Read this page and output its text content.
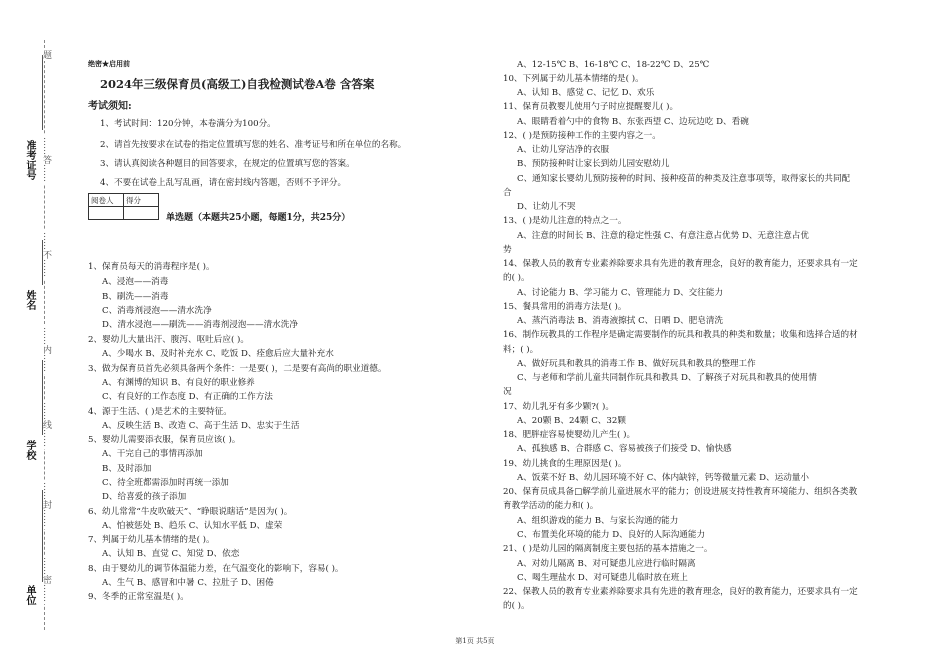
题
……答……
……不……
……内……
……线……
……封……
……密……
准考证号
姓名
学校
单位
绝密★启用前
2024年三级保育员(高级工)自我检测试卷A卷 含答案
考试须知:
1、考试时间：120分钟，本卷满分为100分。
2、请首先按要求在试卷的指定位置填写您的姓名、准考证号和所在单位的名称。
3、请认真阅读各种题目的回答要求，在规定的位置填写您的答案。
4、不要在试卷上乱写乱画，请在密封线内答题，否则不予评分。
阅卷人	得分

单选题（本题共25小题，每题1分，共25分）
1、保育员每天的消毒程序是( )。
A、浸泡——消毒
B、刷洗——消毒
C、消毒剂浸泡——清水洗净
D、清水浸泡——刷洗——消毒剂浸泡——清水洗净
2、婴幼儿大量出汗、腹泻、呕吐后应( )。
A、少喝水 B、及时补充水 C、吃饭 D、痊愈后应大量补充水
3、做为保育员首先必须具备两个条件：一是要( )，二是要有高尚的职业道德。
A、有渊博的知识 B、有良好的职业修养
C、有良好的工作态度 D、有正确的工作方法
4、源于生活、( )是艺术的主要特征。
A、反映生活 B、改造 C、高于生活 D、忠实于生活
5、婴幼儿需要添衣服，保育员应该( )。
A、干完自己的事情再添加
B、及时添加
C、待全班都需添加时再统一添加
D、给喜爱的孩子添加
6、幼儿常常“牛皮吹破天”、“睁眼说瞎话”是因为( )。
A、怕被惩处 B、趋乐 C、认知水平低 D、虚荣
7、判属于幼儿基本情绪的是( )。
A、认知 B、直觉 C、知觉 D、依恋
8、由于婴幼儿的调节体温能力差，在气温变化的影响下，容易( )。
A、生气 B、感冒和中暑 C、拉肚子 D、困倦
9、冬季的正常室温是( )。
A、12-15℃ B、16-18℃ C、18-22℃ D、25℃
10、下列属于幼儿基本情绪的是( )。
A、认知 B、感觉 C、记忆 D、欢乐
11、保育员教婴儿使用勺子时应提醒婴儿( )。
A、眼睛看着勺中的食物 B、东张西望 C、边玩边吃 D、看碗
12、( )是预防接种工作的主要内容之一。
A、让幼儿穿洁净的衣服
B、预防接种时让家长到幼儿园安慰幼儿
C、通知家长婴幼儿预防接种的时间、接种疫苗的种类及注意事项等，取得家长的共同配
合
D、让幼儿不哭
13、( )是幼儿注意的特点之一。
A、注意的时间长 B、注意的稳定性强 C、有意注意占优势 D、无意注意占优
势
14、保教人员的教育专业素养除要求具有先进的教育理念，良好的教育能力，还要求具有一定
的( )。
A、讨论能力 B、学习能力 C、管理能力 D、交往能力
15、餐具常用的消毒方法是( )。
A、蒸汽消毒法 B、消毒液擦拭 C、日晒 D、肥皂清洗
16、制作玩教具的工作程序是确定需要制作的玩具和教具的种类和数量；收集和选择合适的材
料；( )。
A、做好玩具和教具的消毒工作 B、做好玩具和教具的整理工作
C、与老师和学前儿童共同制作玩具和教具 D、了解孩子对玩具和教具的使用情
况
17、幼儿乳牙有多少颗?( )。
A、20颗 B、24颗 C、32颗
18、肥胖症容易使婴幼儿产生( )。
A、孤独感 B、合群感 C、容易被孩子们接受 D、愉快感
19、幼儿挑食的生理原因是( )。
A、饭菜不好 B、幼儿园环境不好 C、体内缺锌，钙等微量元素 D、运动量小
20、保育员成具备□解学前儿童进展水平的能力；创设进展支持性教育环境能力、组织各类教
育教学活动的能力和( )。
A、组织游戏的能力 B、与家长沟通的能力
C、布置美化环境的能力 D、良好的人际沟通能力
21、( )是幼儿园的隔离制度主要包括的基本措施之一。
A、对幼儿隔离 B、对可疑患儿应进行临时隔离
C、喝生理盐水 D、对可疑患儿临时放在班上
22、保教人员的教育专业素养除要求具有先进的教育理念，良好的教育能力，还要求具有一定
的( )。
第1页 共5页
